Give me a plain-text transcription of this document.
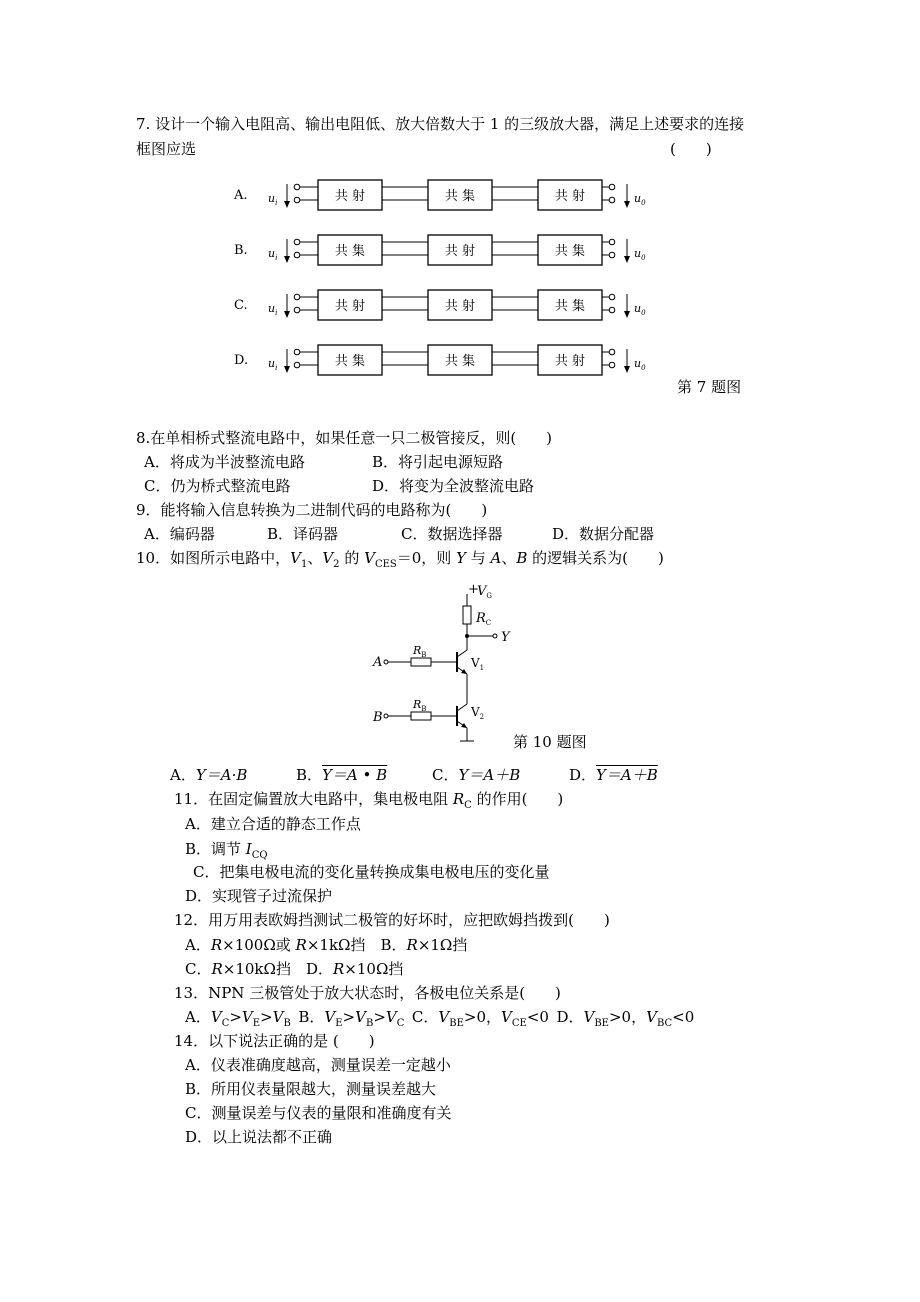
7. 设计一个输入电阻高、输出电阻低、放大倍数大于 1 的三级放大器，满足上述要求的连接
框图应选	(　　)
A. $u_i$	共 射	共 集	共 射	$u_0$
B. $u_i$	共 集	共 射	共 集	$u_0$
C. $u_i$	共 射	共 射	共 集	$u_0$
D. $u_i$	共 集	共 集	共 射	$u_0$
第 7 题图
8.在单相桥式整流电路中，如果任意一只二极管接反，则(　　)
A．将成为半波整流电路	B．将引起电源短路
C．仍为桥式整流电路	D．将变为全波整流电路
9．能将输入信息转换为二进制代码的电路称为(　　)
A．编码器	B．译码器	C．数据选择器	D．数据分配器
10．如图所示电路中，$V_1$、$V_2$ 的 $V_{CES}=0$，则 Y 与 A、B 的逻辑关系为(　　)
+
$V_G$
$R_C$
Y
A
$R_B$
$V_1$
B
$R_B$	$V_2$
第 10 题图
A．Y＝A·B	B．Y＝A • B	C．Y＝A＋B	D．Y＝A＋B
11．在固定偏置放大电路中，集电极电阻 $R_C$ 的作用(　　)
A．建立合适的静态工作点
B．调节 $I_{CQ}$
C．把集电极电流的变化量转换成集电极电压的变化量
D．实现管子过流保护
12．用万用表欧姆挡测试二极管的好坏时，应把欧姆挡拨到(　　)
A．R×100Ω或 R×1kΩ挡  B．R×1Ω挡
C．R×10kΩ挡  D．R×10Ω挡
13．NPN 三极管处于放大状态时，各极电位关系是(　　)
A．$V_C>V_E>V_B$  B．$V_E>V_B>V_C$  C．$V_{BE}>0$，$V_{CE}<0$  D．$V_{BE}>0$，$V_{BC}<0$
14．以下说法正确的是 (　　)
A．仪表准确度越高，测量误差一定越小
B．所用仪表量限越大，测量误差越大
C．测量误差与仪表的量限和准确度有关
D．以上说法都不正确
